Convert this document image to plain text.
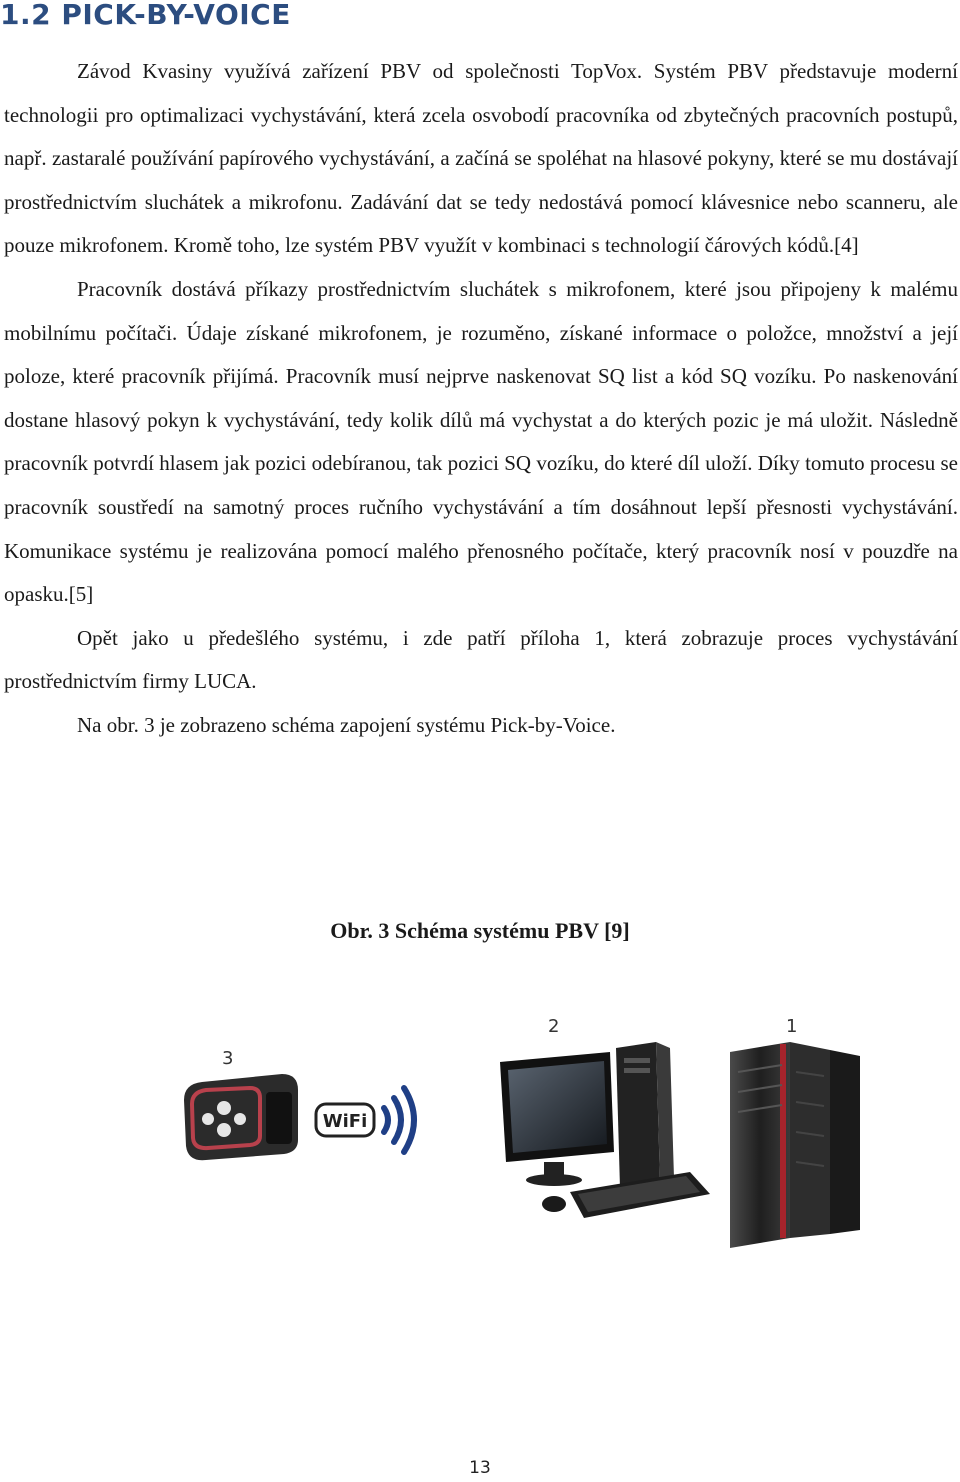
1.2 PICK-BY-VOICE

Závod Kvasiny využívá zařízení PBV od společnosti TopVox. Systém PBV představuje moderní technologii pro optimalizaci vychystávání, která zcela osvobodí pracovníka od zbytečných pracovních postupů, např. zastaralé používání papírového vychystávání, a začíná se spoléhat na hlasové pokyny, které se mu dostávají prostřednictvím sluchátek a mikrofonu. Zadávání dat se tedy nedostává pomocí klávesnice nebo scanneru, ale pouze mikrofonem. Kromě toho, lze systém PBV využít v kombinaci s technologií čárových kódů.[4]

Pracovník dostává příkazy prostřednictvím sluchátek s mikrofonem, které jsou připojeny k malému mobilnímu počítači. Údaje získané mikrofonem, je rozuměno, získané informace o položce, množství a její poloze, které pracovník přijímá. Pracovník musí nejprve naskenovat SQ list a kód SQ vozíku. Po naskenování dostane hlasový pokyn k vychystávání, tedy kolik dílů má vychystat a do kterých pozic je má uložit. Následně pracovník potvrdí hlasem jak pozici odebíranou, tak pozici SQ vozíku, do které díl uloží. Díky tomuto procesu se pracovník soustředí na samotný proces ručního vychystávání a tím dosáhnout lepší přesnosti vychystávání. Komunikace systému je realizována pomocí malého přenosného počítače, který pracovník nosí v pouzdře na opasku.[5]

Opět jako u předešlého systému, i zde patří příloha 1, která zobrazuje proces vychystávání prostřednictvím firmy LUCA.

Na obr. 3 je zobrazeno schéma zapojení systému Pick-by-Voice.

Obr. 3 Schéma systému PBV [9]
3
WiFi
2	1
13
